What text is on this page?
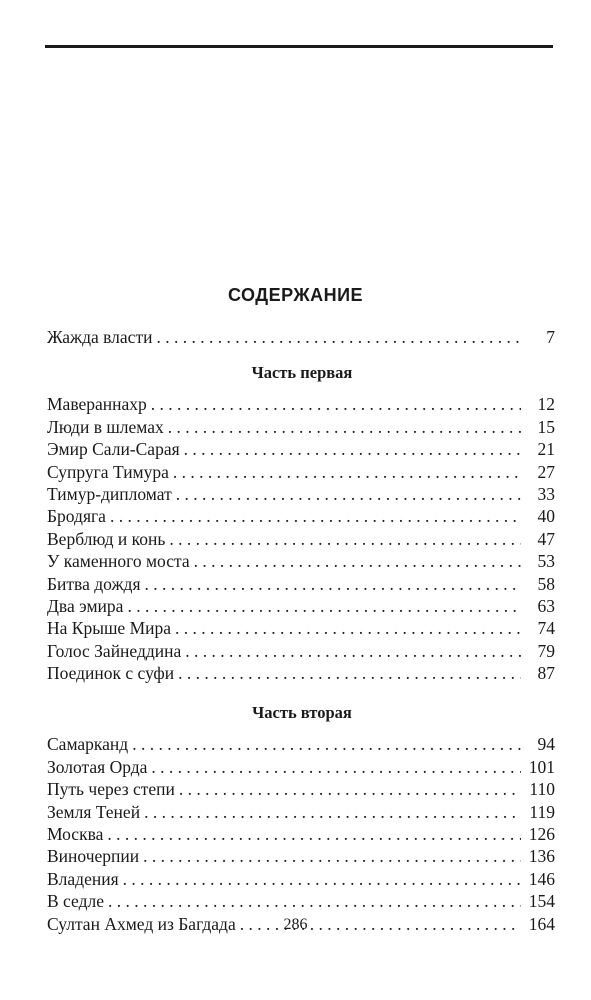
СОДЕРЖАНИЕ
Жажда власти . . .	7
Часть первая
Мавераннахр . . .	12
Люди в шлемах . . .	15
Эмир Сали-Сарая . . .	21
Супруга Тимура . . .	27
Тимур-дипломат . . .	33
Бродяга . . .	40
Верблюд и конь . . .	47
У каменного моста . . .	53
Битва дождя . . .	58
Два эмира . . .	63
На Крыше Мира . . .	74
Голос Зайнеддина . . .	79
Поединок с суфи . . .	87
Часть вторая
Самарканд . . .	94
Золотая Орда . . .	101
Путь через степи . . .	110
Земля Теней . . .	119
Москва . . .	126
Виночерпии . . .	136
Владения . . .	146
В седле . . .	154
Султан Ахмед из Багдада . . .	164
286
